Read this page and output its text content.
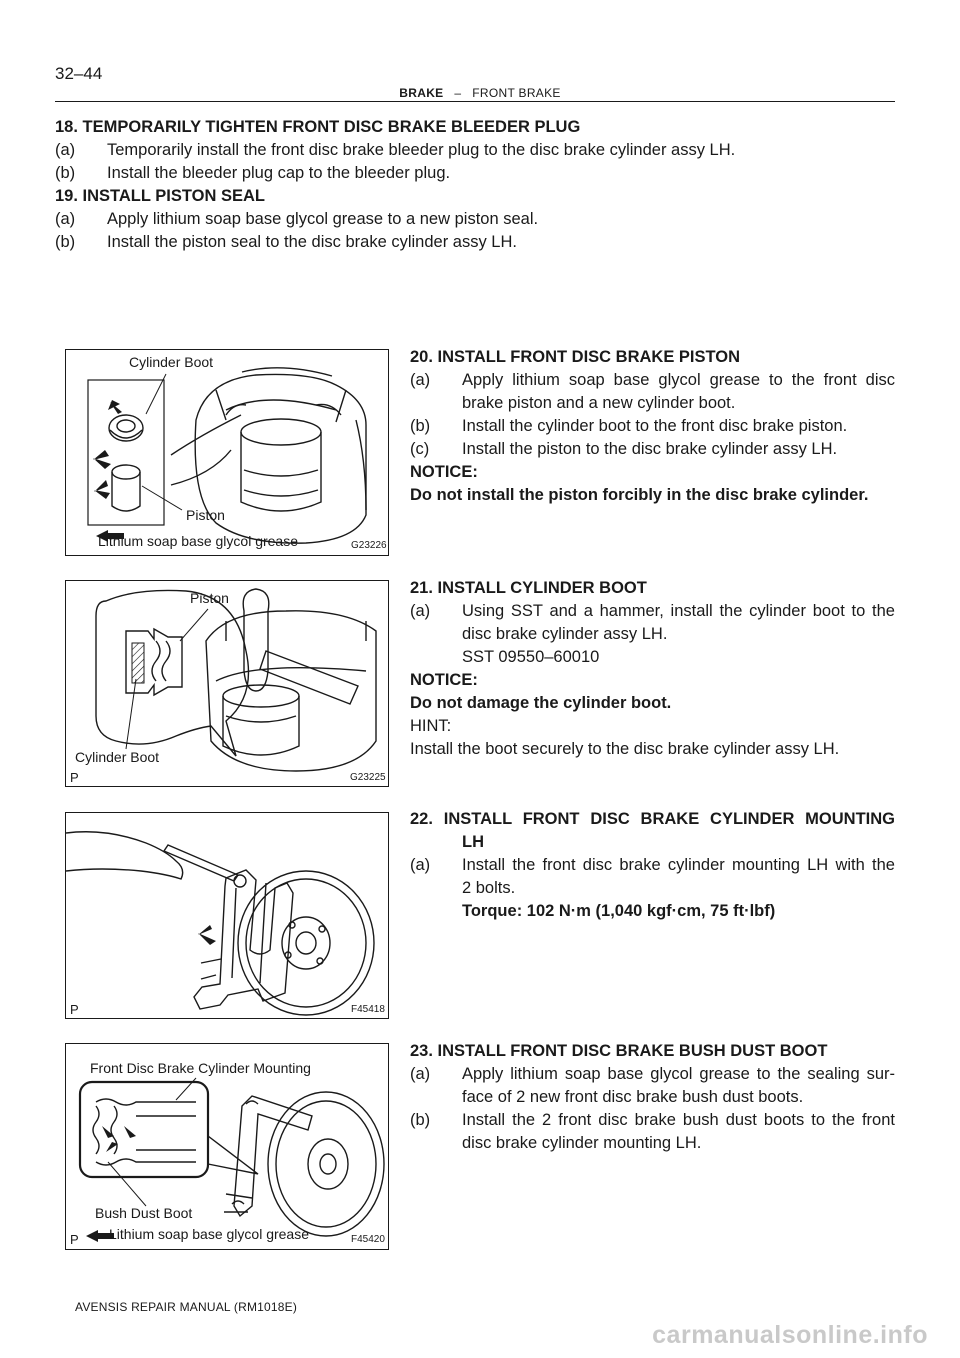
32–44
BRAKE – FRONT BRAKE
18. TEMPORARILY TIGHTEN FRONT DISC BRAKE BLEEDER PLUG
(a) Temporarily install the front disc brake bleeder plug to the disc brake cylinder assy LH.
(b) Install the bleeder plug cap to the bleeder plug.
19. INSTALL PISTON SEAL
(a) Apply lithium soap base glycol grease to a new piston seal.
(b) Install the piston seal to the disc brake cylinder assy LH.
Cylinder Boot
Piston
Lithium soap base glycol grease	G23226
20. INSTALL FRONT DISC BRAKE PISTON
(a) Apply lithium soap base glycol grease to the front disc
brake piston and a new cylinder boot.
(b) Install the cylinder boot to the front disc brake piston.
(c) Install the piston to the disc brake cylinder assy LH.
NOTICE:
Do not install the piston forcibly in the disc brake cylinder.
Piston
Cylinder Boot
P	G23225
21. INSTALL CYLINDER BOOT
(a) Using SST and a hammer, install the cylinder boot to the
disc brake cylinder assy LH.
SST 09550–60010
NOTICE:
Do not damage the cylinder boot.
HINT:
Install the boot securely to the disc brake cylinder assy LH.
P	F45418
22. INSTALL FRONT DISC BRAKE CYLINDER MOUNTING
LH
(a) Install the front disc brake cylinder mounting LH with the
2 bolts.
Torque: 102 N·m (1,040 kgf·cm, 75 ft·lbf)
Front Disc Brake Cylinder Mounting
Bush Dust Boot
Lithium soap base glycol grease
P	F45420
23. INSTALL FRONT DISC BRAKE BUSH DUST BOOT
(a) Apply lithium soap base glycol grease to the sealing sur-
face of 2 new front disc brake bush dust boots.
(b) Install the 2 front disc brake bush dust boots to the front
disc brake cylinder mounting LH.
AVENSIS REPAIR MANUAL (RM1018E)
carmanualsonline.info
